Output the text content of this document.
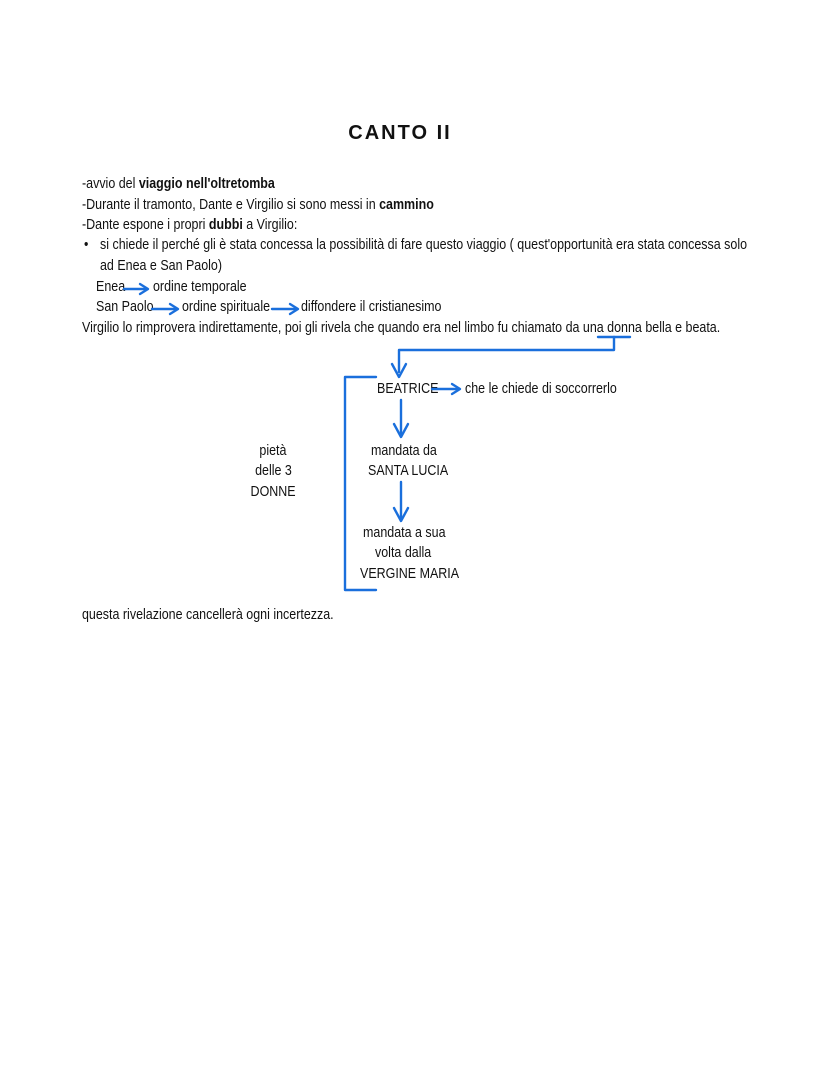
CANTO II
-avvio del viaggio nell'oltretomba
-Durante il tramonto, Dante e Virgilio si sono messi in cammino
-Dante espone i propri dubbi a Virgilio:
• si chiede il perché gli è stata concessa la possibilità di fare questo viaggio ( quest'opportunità era stata concessa solo
ad Enea e San Paolo)
Enea ordine temporale
San Paolo ordine spirituale diffondere il cristianesimo
Virgilio lo rimprovera indirettamente, poi gli rivela che quando era nel limbo fu chiamato da una donna bella e beata.
BEATRICE che le chiede di soccorrerlo
mandata da
SANTA LUCIA
mandata a sua
volta dalla
VERGINE MARIA
pietà
delle 3
DONNE
questa rivelazione cancellerà ogni incertezza.
